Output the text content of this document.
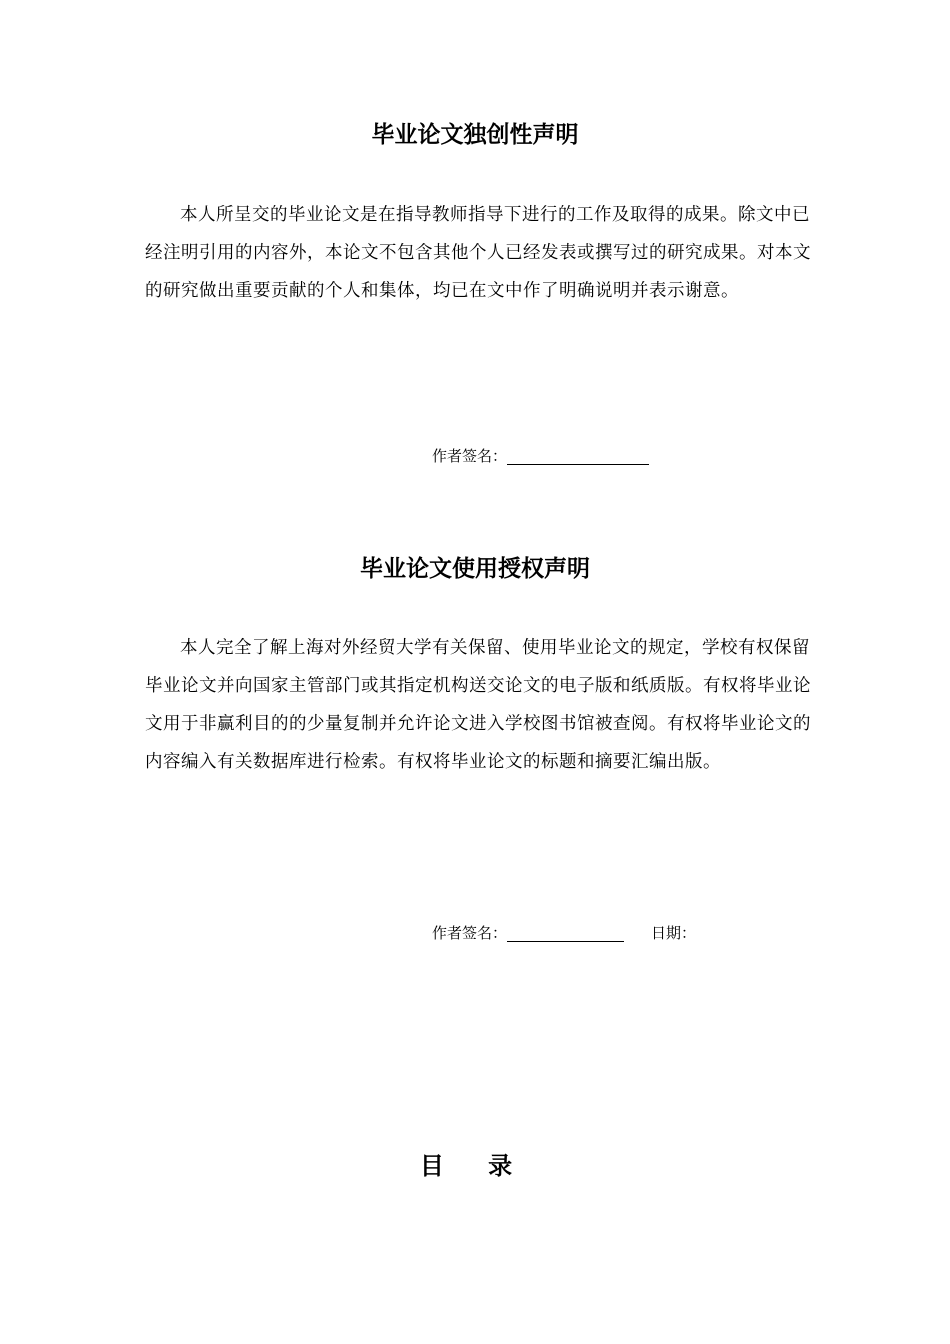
毕业论文独创性声明

本人所呈交的毕业论文是在指导教师指导下进行的工作及取得的成果。除文中已经注明引用的内容外，本论文不包含其他个人已经发表或撰写过的研究成果。对本文的研究做出重要贡献的个人和集体，均已在文中作了明确说明并表示谢意。

作者签名：
毕业论文使用授权声明

本人完全了解上海对外经贸大学有关保留、使用毕业论文的规定，学校有权保留毕业论文并向国家主管部门或其指定机构送交论文的电子版和纸质版。有权将毕业论文用于非赢利目的的少量复制并允许论文进入学校图书馆被查阅。有权将毕业论文的内容编入有关数据库进行检索。有权将毕业论文的标题和摘要汇编出版。

作者签名：	日期：
目 录
